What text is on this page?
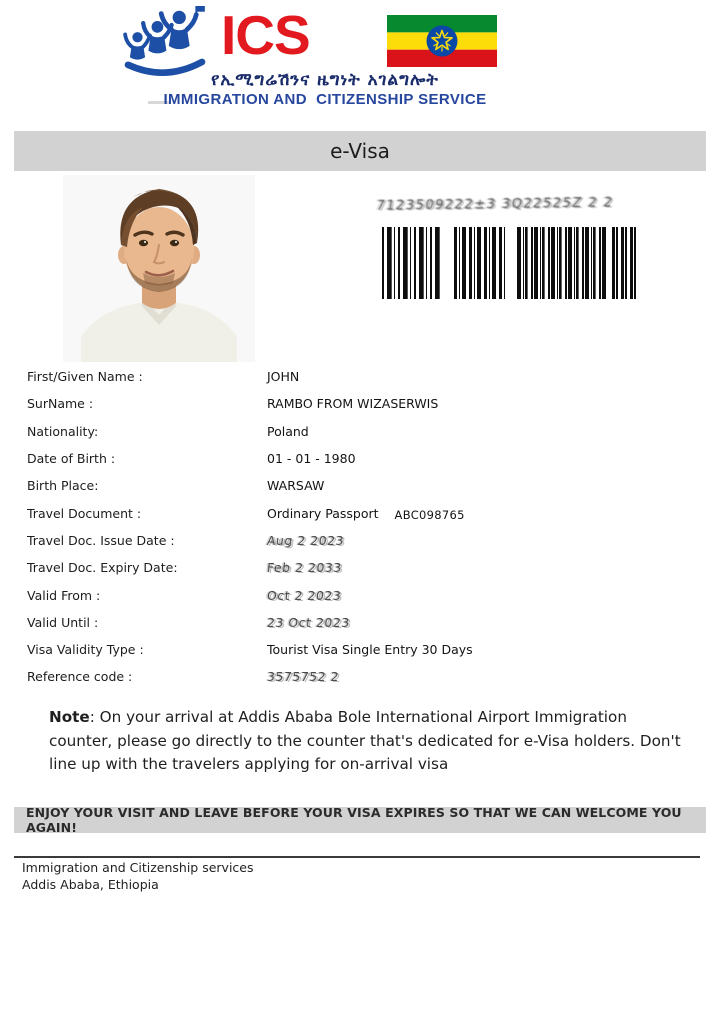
ICS
የኢሚግሬሽንና ዜግነት አገልግሎት
IMMIGRATION AND  CITIZENSHIP SERVICE
e-Visa
7123509222±3 3Q22525Z 2 2
First/Given Name :	JOHN
SurName :	RAMBO FROM WIZASERWIS
Nationality:	Poland
Date of Birth :	01 - 01 - 1980
Birth Place:	WARSAW
Travel Document :	Ordinary Passport ABC098765
Travel Doc. Issue Date :	Aug 2 2023
Travel Doc. Expiry Date:	Feb 2 2033
Valid From :	Oct 2 2023
Valid Until :	23 Oct 2023
Visa Validity Type :	Tourist Visa Single Entry 30 Days
Reference code :	3575752 2
Note: On your arrival at Addis Ababa Bole International Airport Immigration counter, please go directly to the counter that's dedicated for e-Visa holders. Don't line up with the travelers applying for on-arrival visa
ENJOY YOUR VISIT AND LEAVE BEFORE YOUR VISA EXPIRES SO THAT WE CAN WELCOME YOU AGAIN!
Immigration and Citizenship services
Addis Ababa, Ethiopia
